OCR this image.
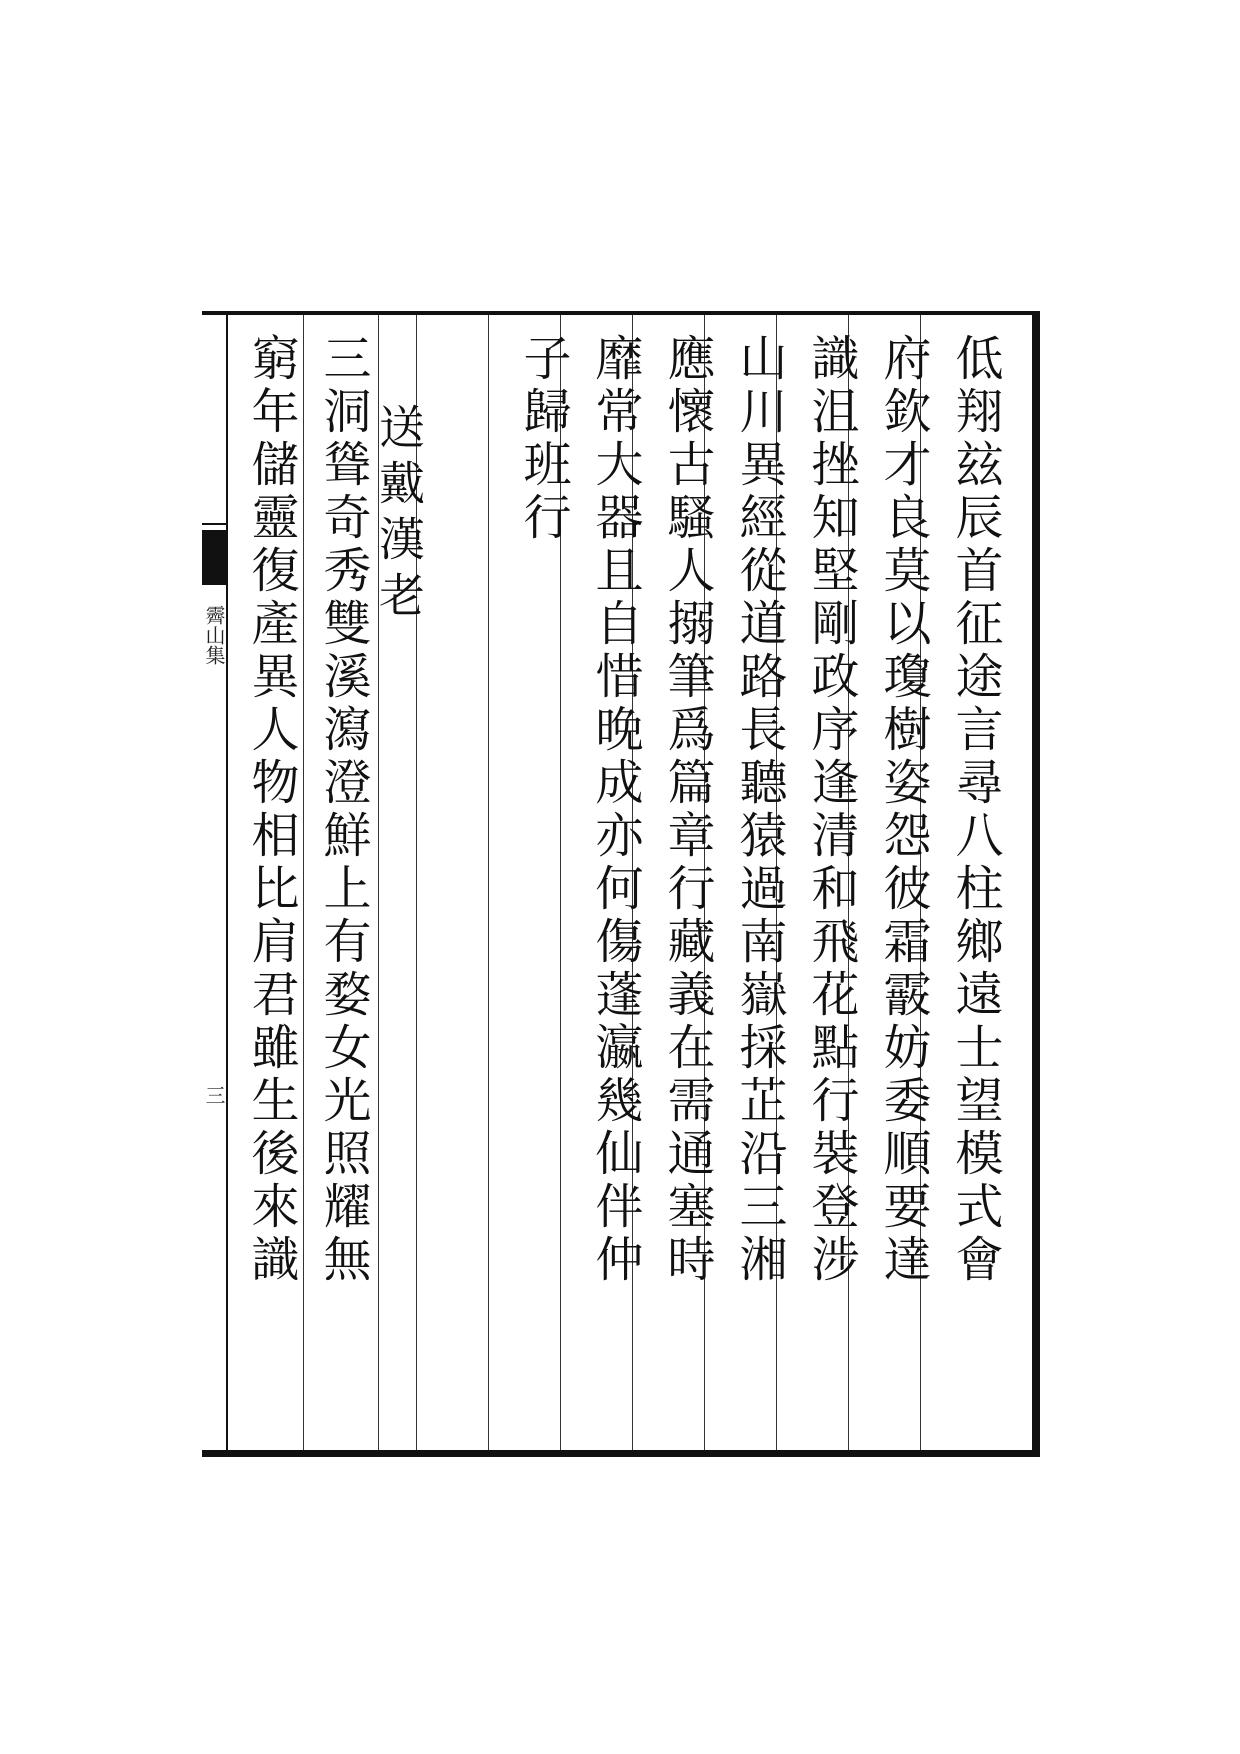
霽山集
三	低翔玆辰首征途言尋八柱鄉遠士望模式會
府欽才良莫以瓊樹姿怨彼霜霰妨委順要達
識沮挫知堅剛政序逢清和飛花點行裝登涉
山川異經從道路長聽猿過南嶽採芷沿三湘
應懷古騷人搦筆爲篇章行藏義在需通塞時
靡常大器且自惜晚成亦何傷蓬瀛幾仙伴仲
子歸班行
送戴漢老
三洞聳奇秀雙溪瀉澄鮮上有婺女光照耀無
窮年儲靈復產異人物相比肩君雖生後來識
